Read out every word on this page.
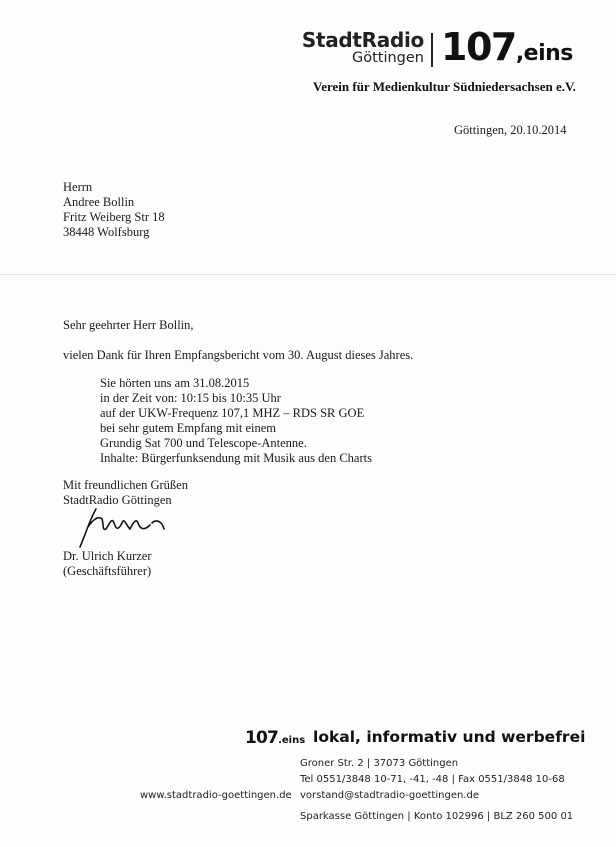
StadtRadio
Göttingen 107,eins
Verein für Medienkultur Südniedersachsen e.V.
Göttingen, 20.10.2014
Herrn
Andree Bollin
Fritz Weiberg Str 18
38448 Wolfsburg
Sehr geehrter Herr Bollin,
vielen Dank für Ihren Empfangsbericht vom 30. August dieses Jahres.
Sie hörten uns am 31.08.2015
in der Zeit von: 10:15 bis 10:35 Uhr
auf der UKW-Frequenz 107,1 MHZ – RDS SR GOE
bei sehr gutem Empfang mit einem
Grundig Sat 700 und Telescope-Antenne.
Inhalte: Bürgerfunksendung mit Musik aus den Charts
Mit freundlichen Grüßen
StadtRadio Göttingen
Dr. Ulrich Kurzer
(Geschäftsführer)
107.eins lokal, informativ und werbefrei
Groner Str. 2 | 37073 Göttingen
Tel 0551/3848 10-71, -41, -48 | Fax 0551/3848 10-68
vorstand@stadtradio-goettingen.de
www.stadtradio-goettingen.de
Sparkasse Göttingen | Konto 102996 | BLZ 260 500 01
